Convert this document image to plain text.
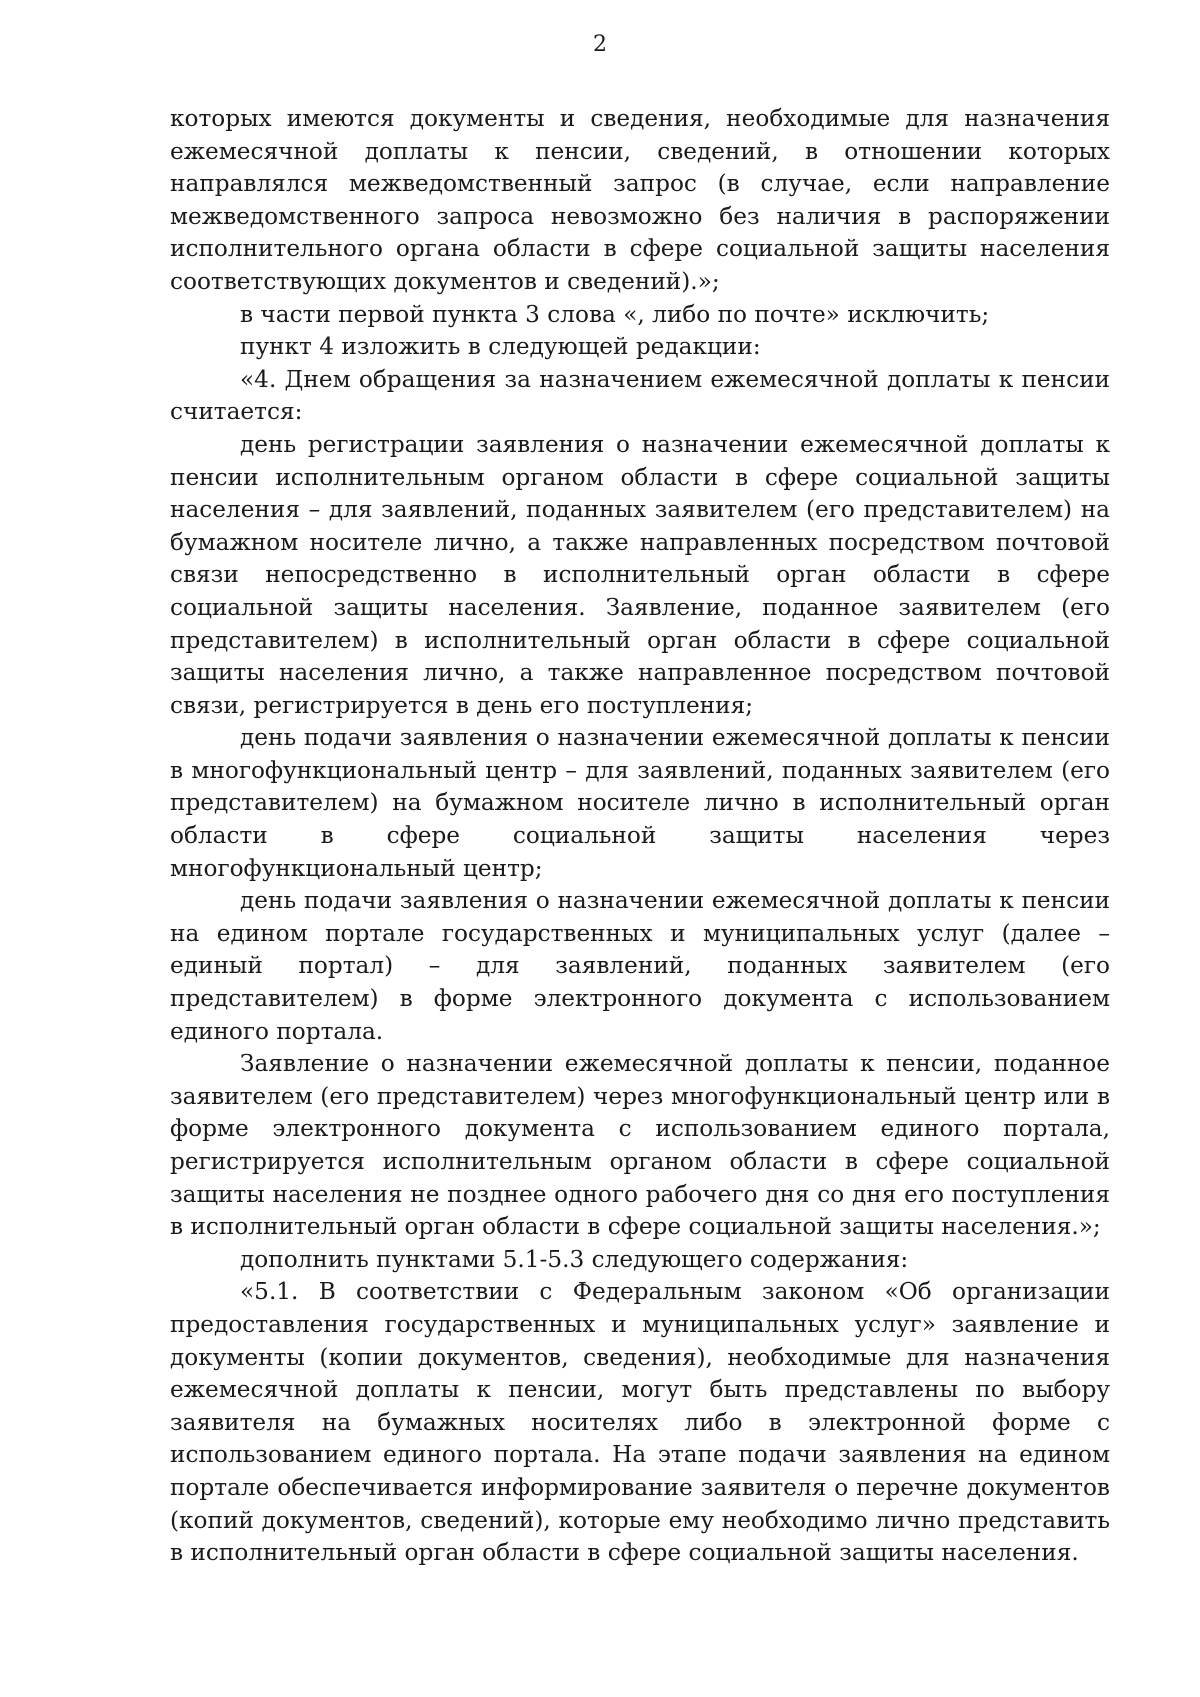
2

которых имеются документы и сведения, необходимые для назначения ежемесячной доплаты к пенсии, сведений, в отношении которых направлялся межведомственный запрос (в случае, если направление межведомственного запроса невозможно без наличия в распоряжении исполнительного органа области в сфере социальной защиты населения соответствующих документов и сведений).»;

в части первой пункта 3 слова «, либо по почте» исключить;

пункт 4 изложить в следующей редакции:

«4. Днем обращения за назначением ежемесячной доплаты к пенсии считается:

день регистрации заявления о назначении ежемесячной доплаты к пенсии исполнительным органом области в сфере социальной защиты населения – для заявлений, поданных заявителем (его представителем) на бумажном носителе лично, а также направленных посредством почтовой связи непосредственно в исполнительный орган области в сфере социальной защиты населения. Заявление, поданное заявителем (его представителем) в исполнительный орган области в сфере социальной защиты населения лично, а также направленное посредством почтовой связи, регистрируется в день его поступления;

день подачи заявления о назначении ежемесячной доплаты к пенсии в многофункциональный центр – для заявлений, поданных заявителем (его представителем) на бумажном носителе лично в исполнительный орган области в сфере социальной защиты населения через многофункциональный центр;

день подачи заявления о назначении ежемесячной доплаты к пенсии на едином портале государственных и муниципальных услуг (далее – единый портал) – для заявлений, поданных заявителем (его представителем) в форме электронного документа с использованием единого портала.

Заявление о назначении ежемесячной доплаты к пенсии, поданное заявителем (его представителем) через многофункциональный центр или в форме электронного документа с использованием единого портала, регистрируется исполнительным органом области в сфере социальной защиты населения не позднее одного рабочего дня со дня его поступления в исполнительный орган области в сфере социальной защиты населения.»;

дополнить пунктами 5.1-5.3 следующего содержания:

«5.1. В соответствии с Федеральным законом «Об организации предоставления государственных и муниципальных услуг» заявление и документы (копии документов, сведения), необходимые для назначения ежемесячной доплаты к пенсии, могут быть представлены по выбору заявителя на бумажных носителях либо в электронной форме с использованием единого портала. На этапе подачи заявления на едином портале обеспечивается информирование заявителя о перечне документов (копий документов, сведений), которые ему необходимо лично представить в исполнительный орган области в сфере социальной защиты населения.
